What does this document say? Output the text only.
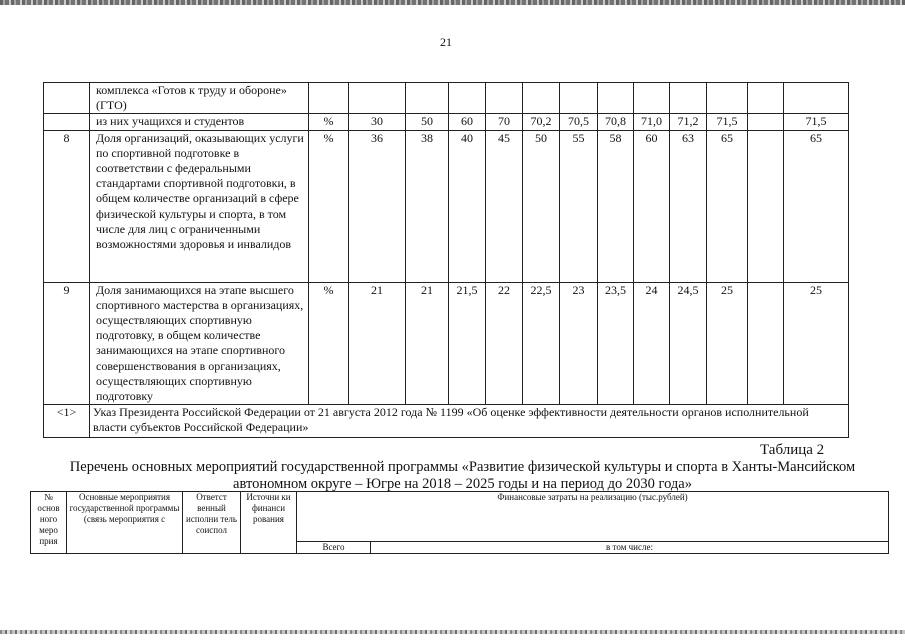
21
	комплекса «Готов к труду и обороне» (ГТО)													
	из них учащихся и студентов	%	30	50	60	70	70,2	70,5	70,8	71,0	71,2	71,5		71,5
8	Доля организаций, оказывающих услуги по спортивной подготовке в соответствии с федеральными стандартами спортивной подготовки, в общем количестве организаций в сфере физической культуры и спорта, в том числе для лиц с ограниченными возможностями здоровья и инвалидов	%	36	38	40	45	50	55	58	60	63	65		65
9	Доля занимающихся на этапе высшего спортивного мастерства в организациях, осуществляющих спортивную подготовку, в общем количестве занимающихся на этапе спортивного совершенствования в организациях, осуществляющих спортивную подготовку	%	21	21	21,5	22	22,5	23	23,5	24	24,5	25		25
<1>	Указ Президента Российской Федерации от 21 августа 2012 года № 1199 «Об оценке эффективности деятельности органов исполнительной власти субъектов Российской Федерации»													
Таблица 2
Перечень основных мероприятий государственной программы «Развитие физической культуры и спорта в Ханты-Мансийском автономном округе – Югре на 2018 – 2025 годы и на период до 2030 года»
№ основ ного меро прия	Основные мероприятия государственной программы (связь мероприятия с	Ответст венный исполни тель соиспол	Источни ки финанси рования	Финансовые затраты на реализацию (тыс.рублей)	
				Всего	в том числе:
